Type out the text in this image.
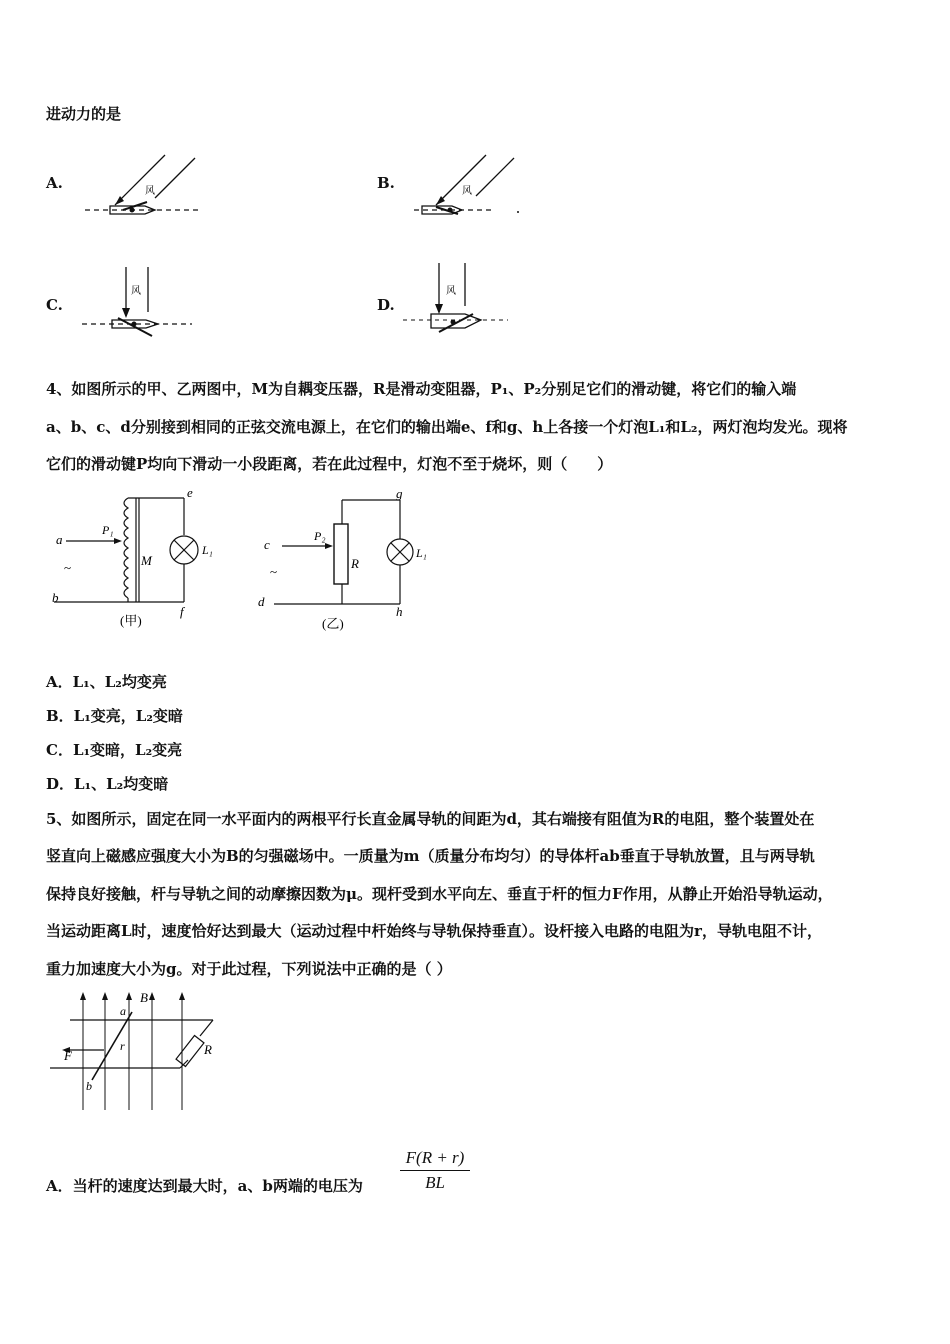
进动力的是
A.	B.
C.	D.
风	风
风	风
4、如图所示的甲、乙两图中，M为自耦变压器，R是滑动变阻器，P₁、P₂分别足它们的滑动键，将它们的输入端
a、b、c、d分别接到相同的正弦交流电源上，在它们的输出端e、f和g、h上各接一个灯泡L₁和L₂，两灯泡均发光。现将
它们的滑动键P均向下滑动一小段距离，若在此过程中，灯泡不至于烧坏，则（　　）
a
~
b
P₁
M
e
L₁
f
(甲)
c
~
d
P₂
R
g
L₁
h
(乙)
A．L₁、L₂均变亮
B．L₁变亮，L₂变暗
C．L₁变暗，L₂变亮
D．L₁、L₂均变暗
5、如图所示，固定在同一水平面内的两根平行长直金属导轨的间距为d，其右端接有阻值为R的电阻，整个装置处在
竖直向上磁感应强度大小为B的匀强磁场中。一质量为m（质量分布均匀）的导体杆ab垂直于导轨放置，且与两导轨
保持良好接触，杆与导轨之间的动摩擦因数为μ。现杆受到水平向左、垂直于杆的恒力F作用，从静止开始沿导轨运动，
当运动距离L时，速度恰好达到最大（运动过程中杆始终与导轨保持垂直）。设杆接入电路的电阻为r，导轨电阻不计，
重力加速度大小为g。对于此过程，下列说法中正确的是（ ）
B
a
r
F
b
R
A．当杆的速度达到最大时，a、b两端的电压为
F(R + r)
BL
